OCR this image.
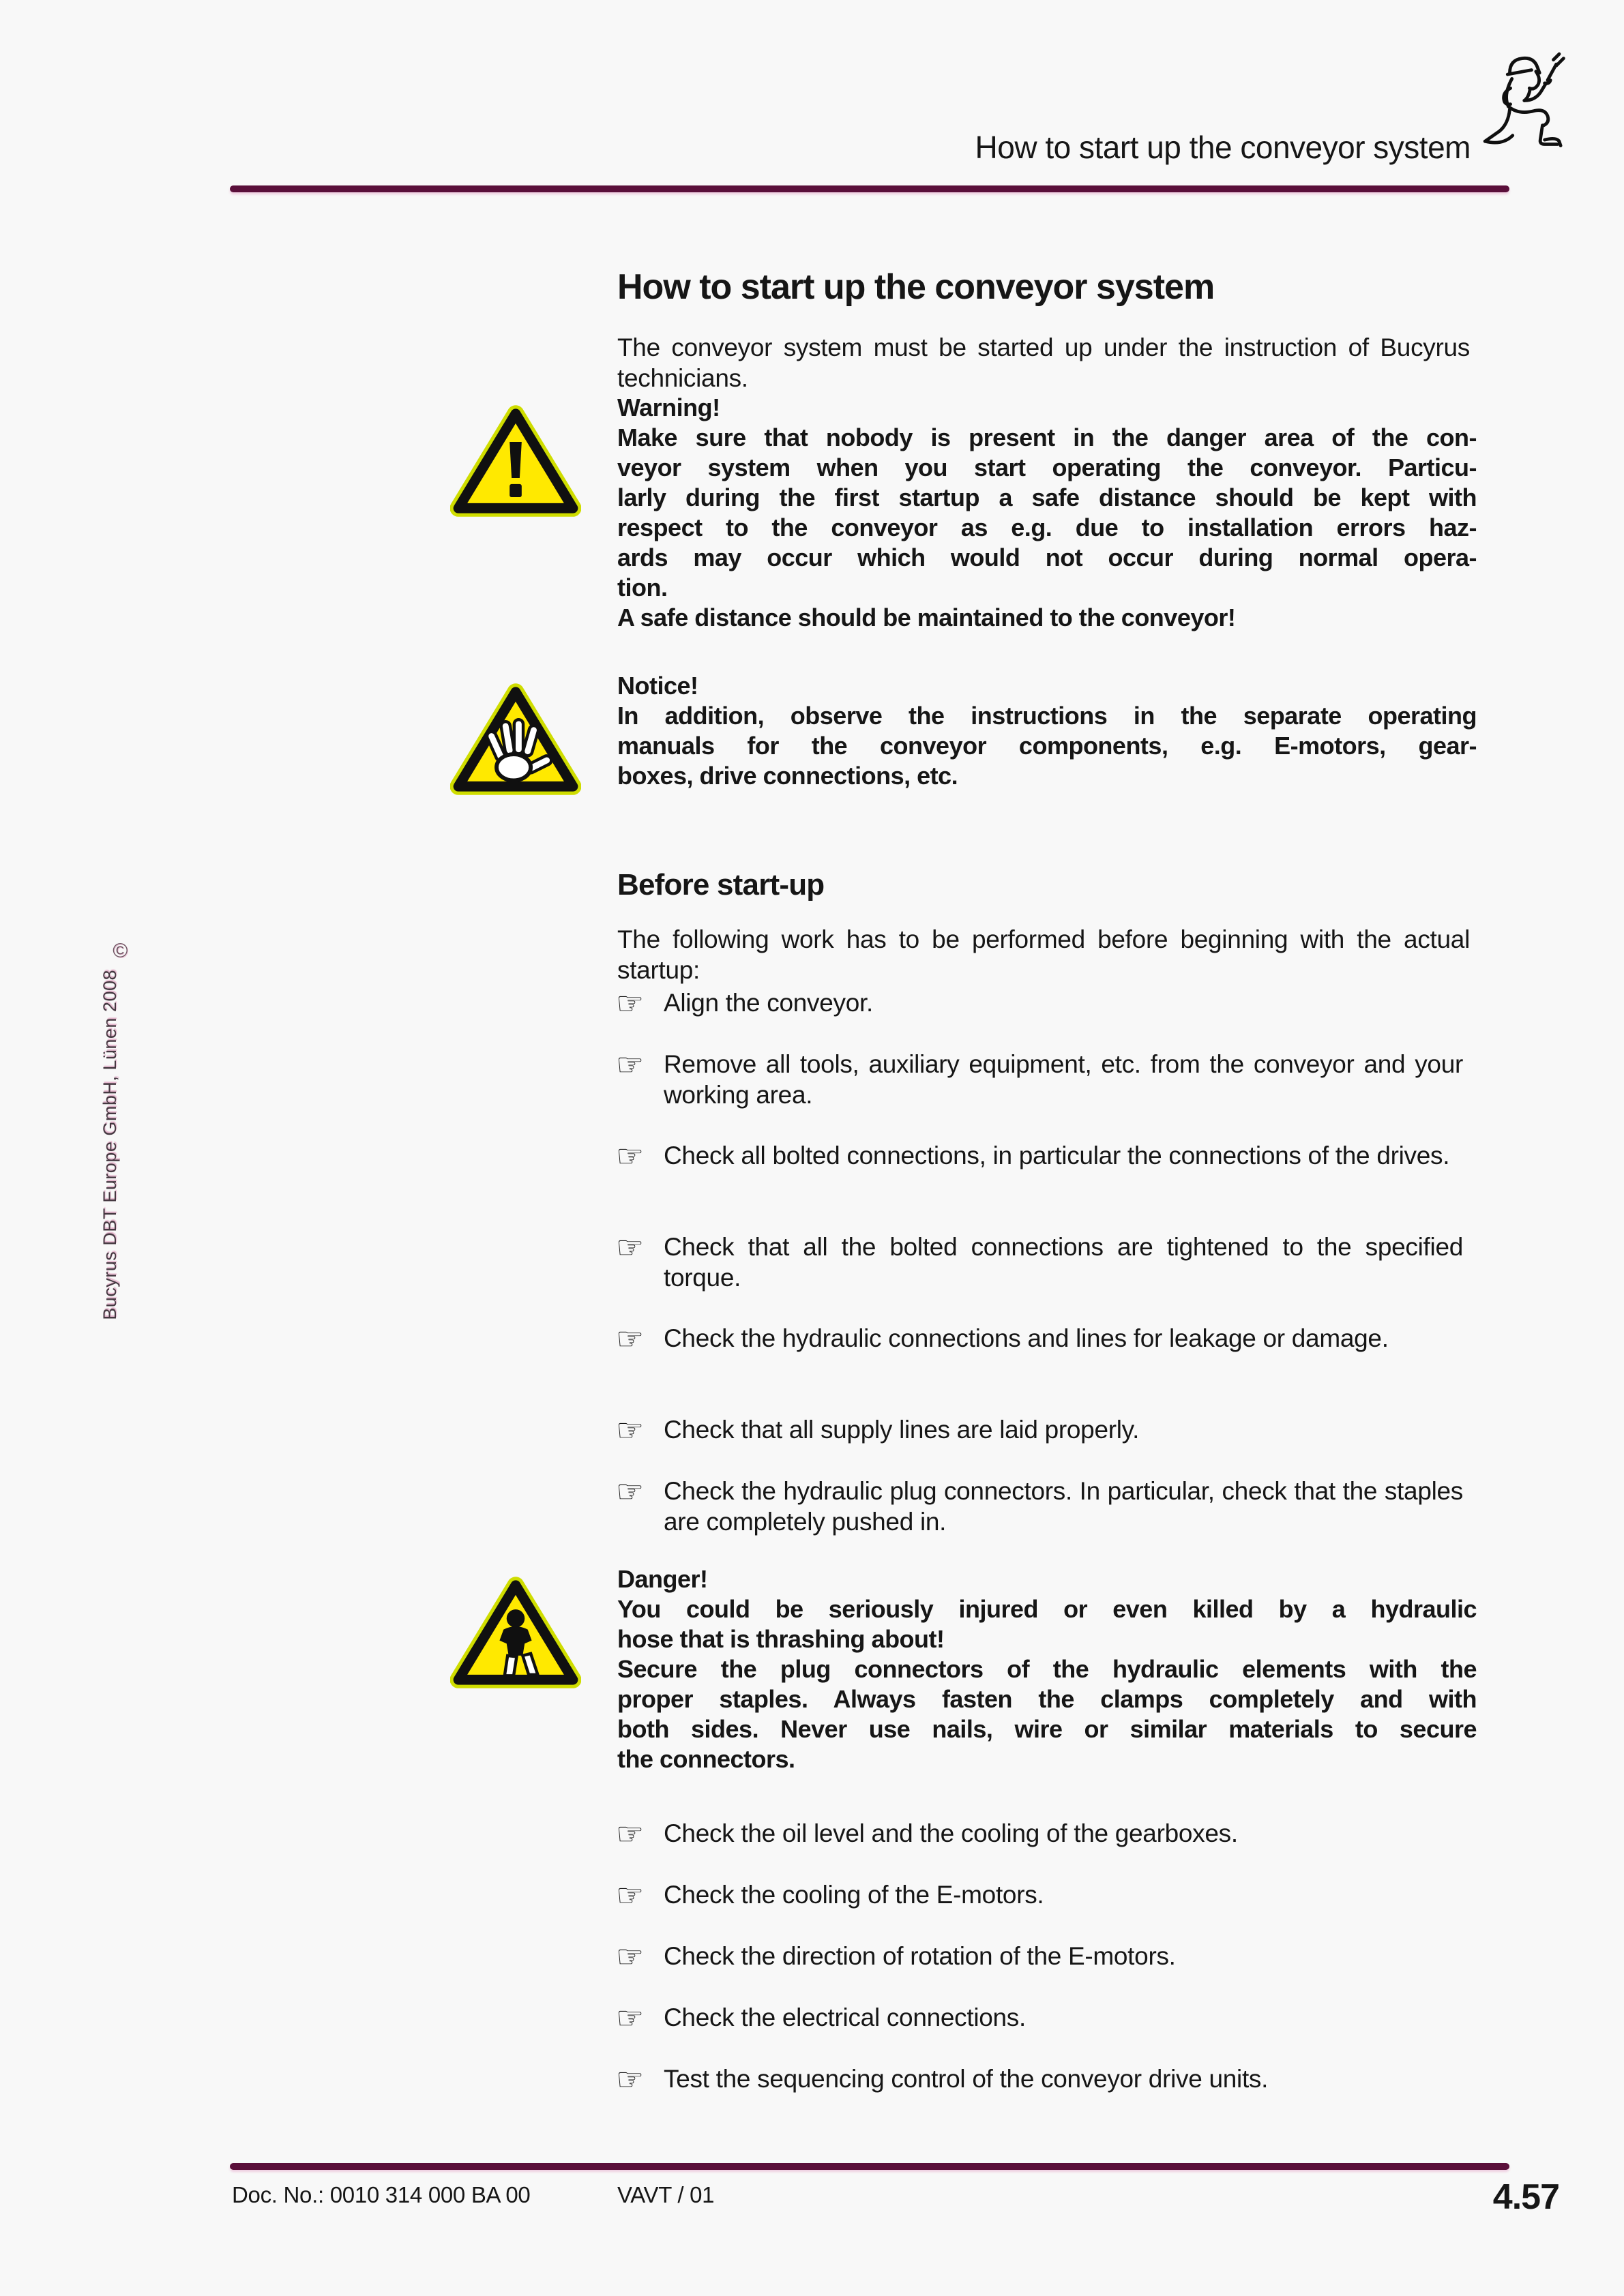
How to start up the conveyor system
©
Bucyrus DBT Europe GmbH, Lünen 2008
How to start up the conveyor system

The conveyor system must be started up under the instruction of Bucyrus technicians.

Warning!
Make sure that nobody is present in the danger area of the con-
veyor system when you start operating the conveyor. Particu-
larly during the first startup a safe distance should be kept with
respect to the conveyor as e.g. due to installation errors haz-
ards may occur which would not occur during normal opera-
tion.
A safe distance should be maintained to the conveyor!
Notice!
In addition, observe the instructions in the separate operating
manuals for the conveyor components, e.g. E-motors, gear-
boxes, drive connections, etc.
Before start-up

The following work has to be performed before beginning with the actual startup:

☞ Align the conveyor.
☞ Remove all tools, auxiliary equipment, etc. from the conveyor and your working area.
☞ Check all bolted connections, in particular the connections of the drives.
☞ Check that all the bolted connections are tightened to the specified torque.
☞ Check the hydraulic connections and lines for leakage or damage.
☞ Check that all supply lines are laid properly.
☞ Check the hydraulic plug connectors. In particular, check that the staples are completely pushed in.
Danger!
You could be seriously injured or even killed by a hydraulic
hose that is thrashing about!
Secure the plug connectors of the hydraulic elements with the
proper staples. Always fasten the clamps completely and with
both sides. Never use nails, wire or similar materials to secure
the connectors.
☞ Check the oil level and the cooling of the gearboxes.
☞ Check the cooling of the E-motors.
☞ Check the direction of rotation of the E-motors.
☞ Check the electrical connections.
☞ Test the sequencing control of the conveyor drive units.
Doc. No.: 0010 314 000 BA 00	VAVT / 01	4.57
